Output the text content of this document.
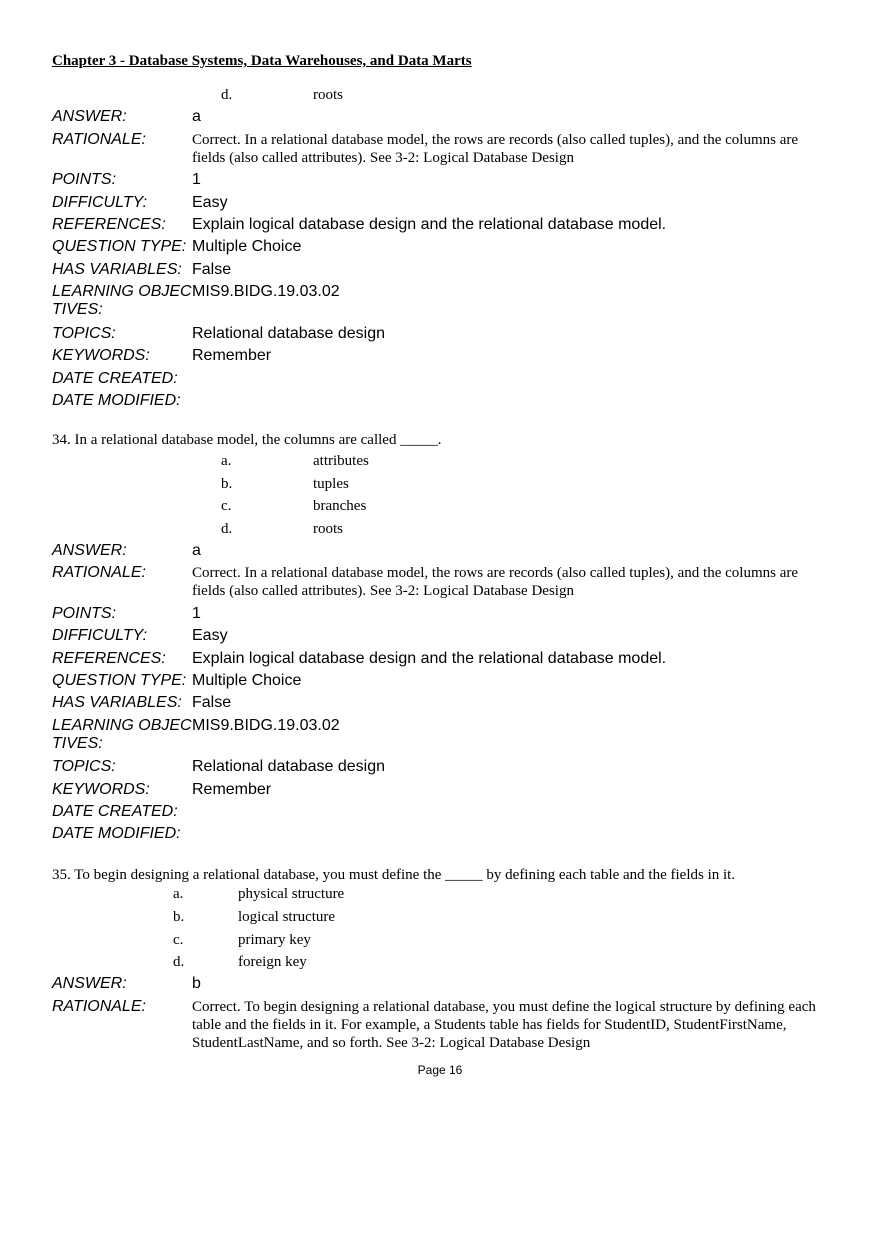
Chapter 3 - Database Systems, Data Warehouses, and Data Marts
d.	roots
ANSWER:	a
RATIONALE:	Correct. In a relational database model, the rows are records (also called tuples), and the columns are fields (also called attributes). See 3-2: Logical Database Design
POINTS:	1
DIFFICULTY:	Easy
REFERENCES: Explain logical database design and the relational database model.
QUESTION TYPE: Multiple Choice
HAS VARIABLES: False
LEARNING OBJEC
TIVES:
MIS9.BIDG.19.03.02
TOPICS:	Relational database design
KEYWORDS:	Remember
DATE CREATED:
DATE MODIFIED:
34. In a relational database model, the columns are called _____.
a.	attributes
b.	tuples
c.	branches
d.	roots
ANSWER:	a
RATIONALE:	Correct. In a relational database model, the rows are records (also called tuples), and the columns are fields (also called attributes). See 3-2: Logical Database Design
POINTS:	1
DIFFICULTY:	Easy
REFERENCES: Explain logical database design and the relational database model.
QUESTION TYPE: Multiple Choice
HAS VARIABLES: False
LEARNING OBJEC
TIVES:
MIS9.BIDG.19.03.02
TOPICS:	Relational database design
KEYWORDS:	Remember
DATE CREATED:
DATE MODIFIED:
35. To begin designing a relational database, you must define the _____ by defining each table and the fields in it.
a.	physical structure
b.	logical structure
c.	primary key
d.	foreign key
ANSWER:	b
RATIONALE:	Correct. To begin designing a relational database, you must define the logical structure by defining each table and the fields in it. For example, a Students table has fields for StudentID, StudentFirstName, StudentLastName, and so forth. See 3-2: Logical Database Design
Page 16
